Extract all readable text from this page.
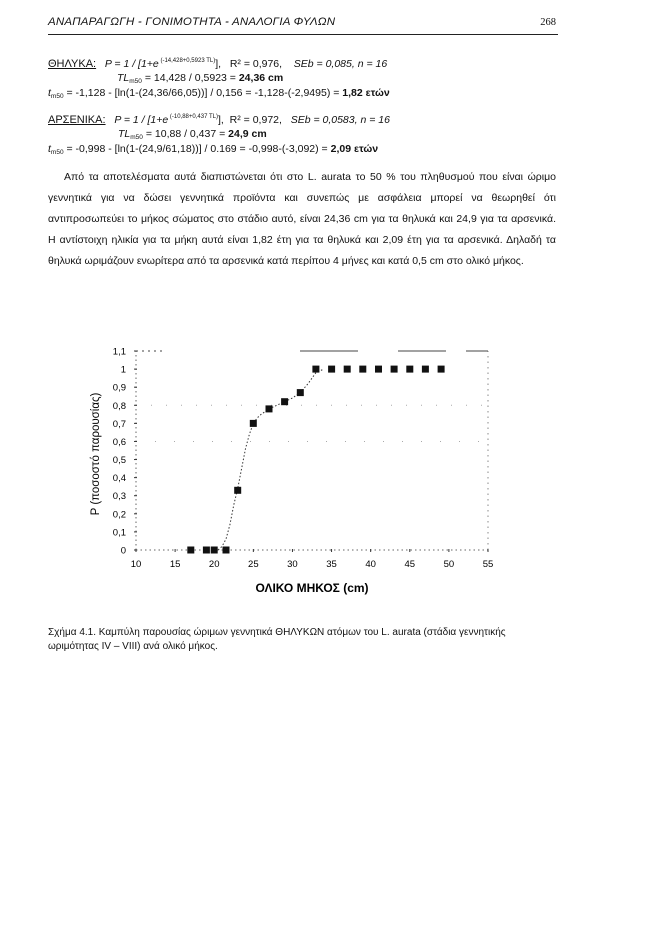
ΑΝΑΠΑΡΑΓΩΓΗ - ΓΟΝΙΜΟΤΗΤΑ - ΑΝΑΛΟΓΙΑ ΦΥΛΩΝ	268
ΘΗΛΥΚΑ: P = 1 / [1+e $^{(-14,428+0,5923 TL)}$], R² = 0,976, SEb = 0,085, n = 16
$TL_{m50} = 14,428 / 0,5923 = 24,36$ cm
$t_{m50} = -1,128 - [\ln(1-(24,36/66,05))] / 0,156 = -1,128-(-2,9495) = 1,82$ ετών
ΑΡΣΕΝΙΚΑ: P = 1 / [1+e $^{(-10,88+0,437 TL)}$], R² = 0,972, SEb = 0,0583, n = 16
$TL_{m50} = 10,88 / 0,437 = 24,9$ cm
$t_{m50} = -0,998 - [\ln(1-(24,9/61,18))] / 0.169 = -0,998-(-3,092) = 2,09$ ετών

Από τα αποτελέσματα αυτά διαπιστώνεται ότι στο L. aurata το 50 % του πληθυσμού που είναι ώριμο γεννητικά για να δώσει γεννητικά προϊόντα και συνεπώς με ασφάλεια μπορεί να θεωρηθεί ότι αντιπροσωπεύει το μήκος σώματος στο στάδιο αυτό, είναι 24,36 cm για τα θηλυκά και 24,9 για τα αρσενικά. Η αντίστοιχη ηλικία για τα μήκη αυτά είναι 1,82 έτη για τα θηλυκά και 2,09 έτη για τα αρσενικά. Δηλαδή τα θηλυκά ωριμάζουν ενωρίτερα από τα αρσενικά κατά περίπου 4 μήνες και κατά 0,5 cm στο ολικό μήκος.

0
0,1
0,2
0,3
0,4
0,5
0,6
0,7
0,8
0,9
1
1,1
10	15	20	25	30	35	40	45	50	55
ΟΛΙΚΟ ΜΗΚΟΣ (cm)
P (ποσοστό παρουσίας)

Σχήμα 4.1. Καμπύλη παρουσίας ώριμων γεννητικά ΘΗΛΥΚΩΝ ατόμων του L. aurata (στάδια γεννητικής ωριμότητας IV – VIII) ανά ολικό μήκος.
